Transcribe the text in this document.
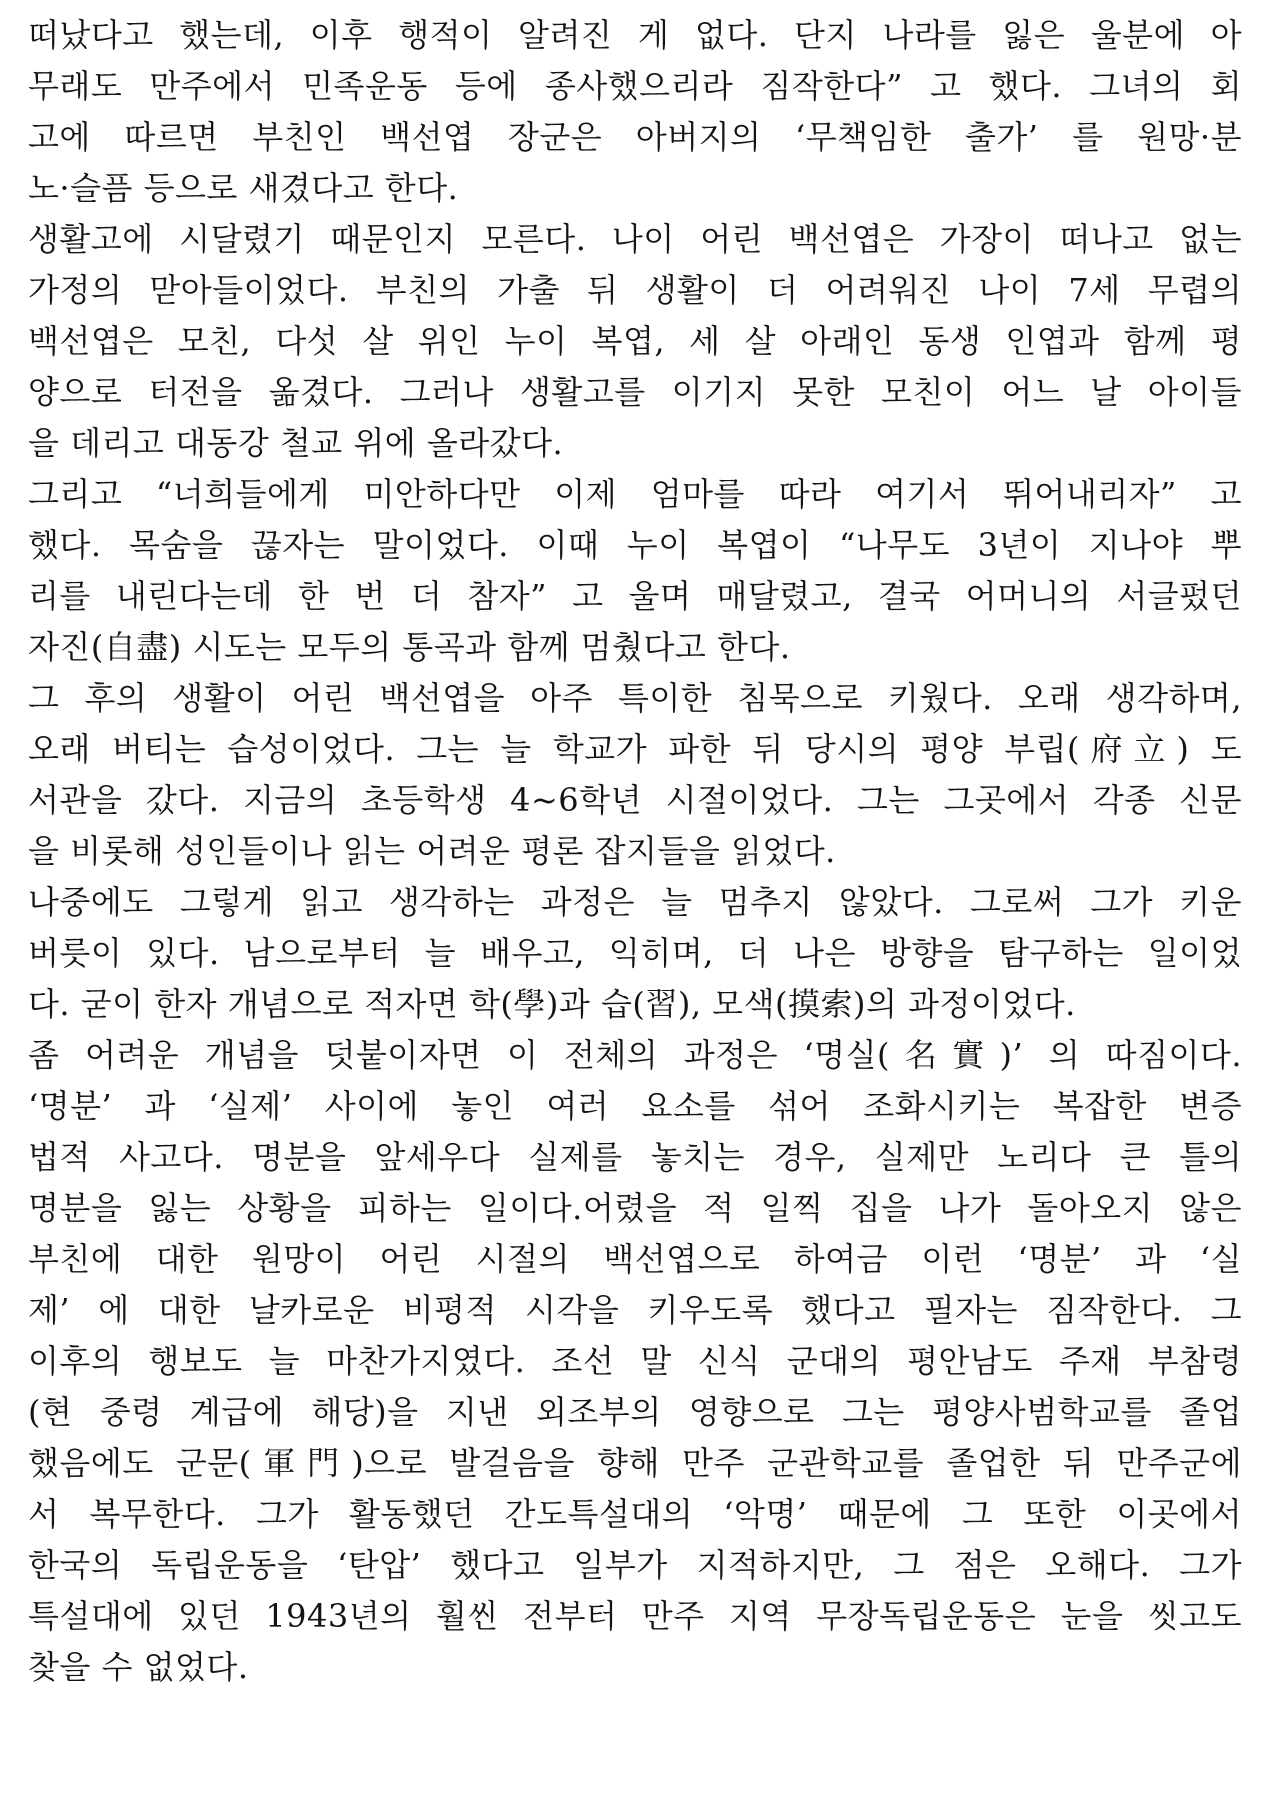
떠났다고 했는데, 이후 행적이 알려진 게 없다. 단지 나라를 잃은 울분에 아
무래도 만주에서 민족운동 등에 종사했으리라 짐작한다” 고 했다. 그녀의 회
고에 따르면 부친인 백선엽 장군은 아버지의 ‘무책임한 출가’ 를 원망·분
노·슬픔 등으로 새겼다고 한다.
생활고에 시달렸기 때문인지 모른다. 나이 어린 백선엽은 가장이 떠나고 없는
가정의 맏아들이었다. 부친의 가출 뒤 생활이 더 어려워진 나이 7세 무렵의
백선엽은 모친, 다섯 살 위인 누이 복엽, 세 살 아래인 동생 인엽과 함께 평
양으로 터전을 옮겼다. 그러나 생활고를 이기지 못한 모친이 어느 날 아이들
을 데리고 대동강 철교 위에 올라갔다.
그리고 “너희들에게 미안하다만 이제 엄마를 따라 여기서 뛰어내리자” 고
했다. 목숨을 끊자는 말이었다. 이때 누이 복엽이 “나무도 3년이 지나야 뿌
리를 내린다는데 한 번 더 참자” 고 울며 매달렸고, 결국 어머니의 서글펐던
자진(自盡) 시도는 모두의 통곡과 함께 멈췄다고 한다.
그 후의 생활이 어린 백선엽을 아주 특이한 침묵으로 키웠다. 오래 생각하며,
오래 버티는 습성이었다. 그는 늘 학교가 파한 뒤 당시의 평양 부립(府立) 도
서관을 갔다. 지금의 초등학생 4~6학년 시절이었다. 그는 그곳에서 각종 신문
을 비롯해 성인들이나 읽는 어려운 평론 잡지들을 읽었다.
나중에도 그렇게 읽고 생각하는 과정은 늘 멈추지 않았다. 그로써 그가 키운
버릇이 있다. 남으로부터 늘 배우고, 익히며, 더 나은 방향을 탐구하는 일이었
다. 굳이 한자 개념으로 적자면 학(學)과 습(習), 모색(摸索)의 과정이었다.
좀 어려운 개념을 덧붙이자면 이 전체의 과정은 ‘명실(名實)’ 의 따짐이다.
‘명분’ 과 ‘실제’ 사이에 놓인 여러 요소를 섞어 조화시키는 복잡한 변증
법적 사고다. 명분을 앞세우다 실제를 놓치는 경우, 실제만 노리다 큰 틀의
명분을 잃는 상황을 피하는 일이다.어렸을 적 일찍 집을 나가 돌아오지 않은
부친에 대한 원망이 어린 시절의 백선엽으로 하여금 이런 ‘명분’ 과 ‘실
제’ 에 대한 날카로운 비평적 시각을 키우도록 했다고 필자는 짐작한다. 그
이후의 행보도 늘 마찬가지였다. 조선 말 신식 군대의 평안남도 주재 부참령
(현 중령 계급에 해당)을 지낸 외조부의 영향으로 그는 평양사범학교를 졸업
했음에도 군문(軍門)으로 발걸음을 향해 만주 군관학교를 졸업한 뒤 만주군에
서 복무한다. 그가 활동했던 간도특설대의 ‘악명’ 때문에 그 또한 이곳에서
한국의 독립운동을 ‘탄압’ 했다고 일부가 지적하지만, 그 점은 오해다. 그가
특설대에 있던 1943년의 훨씬 전부터 만주 지역 무장독립운동은 눈을 씻고도
찾을 수 없었다.
